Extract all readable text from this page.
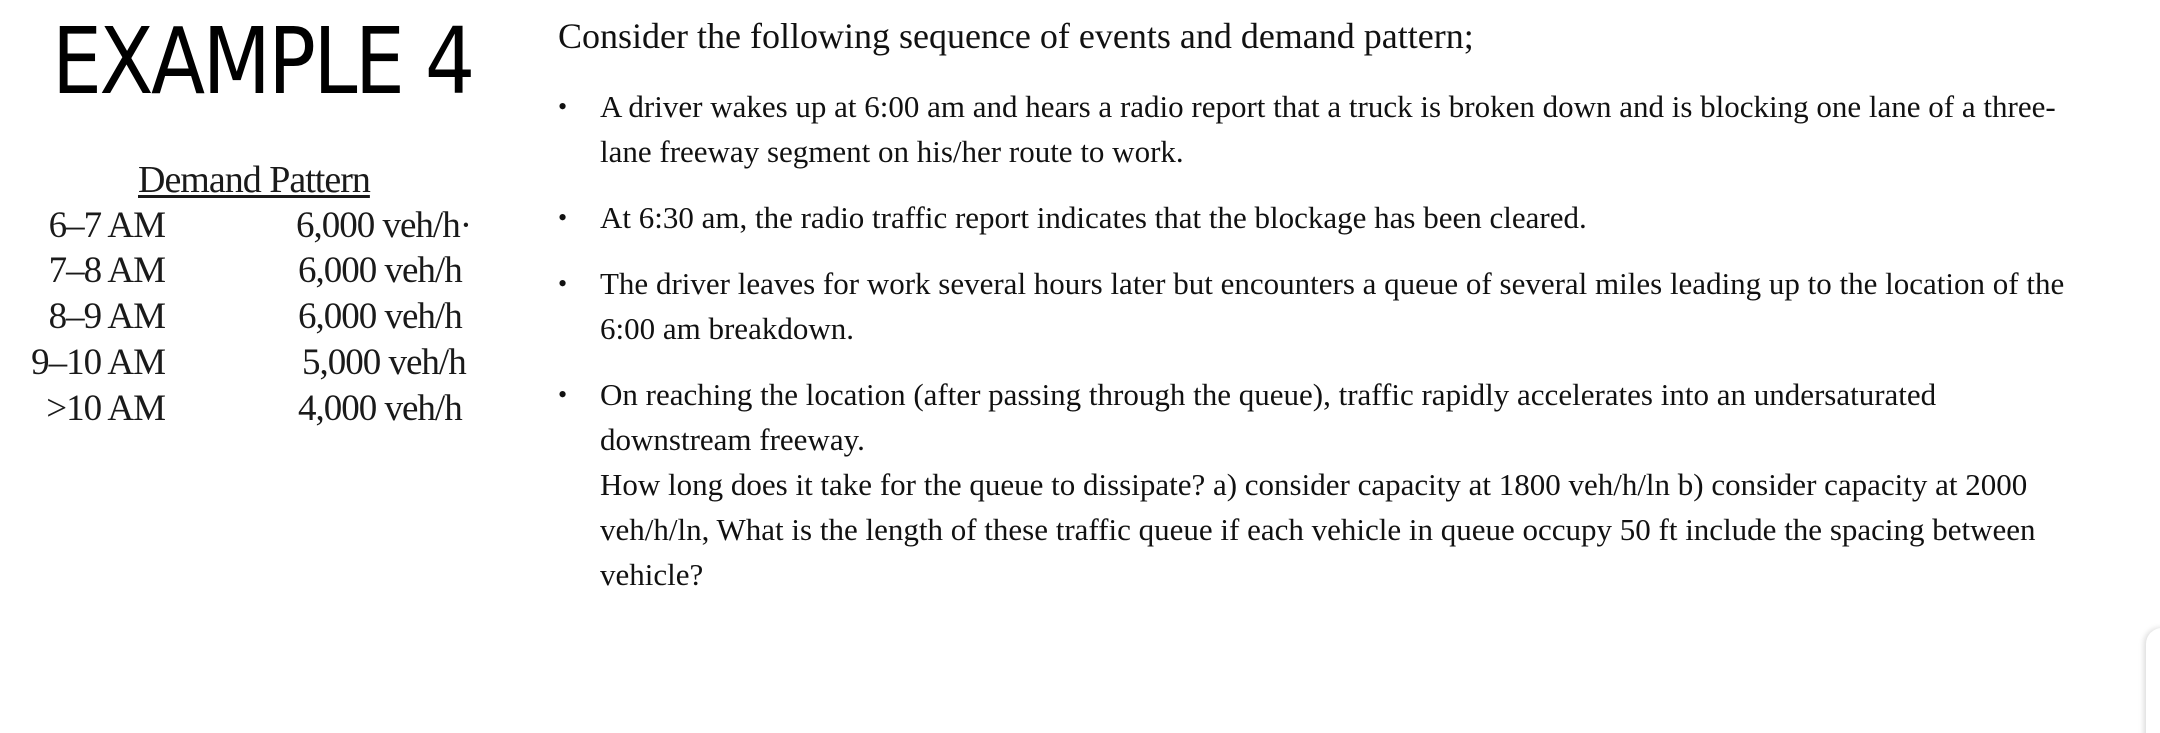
EXAMPLE 4
Demand Pattern
6–7 AM	6,000 veh/h·
7–8 AM	6,000 veh/h
8–9 AM	6,000 veh/h
9–10 AM	5,000 veh/h
>10 AM	4,000 veh/h

Consider the following sequence of events and demand pattern;

• A driver wakes up at 6:00 am and hears a radio report that a truck is broken down and is blocking one lane of a three-lane freeway segment on his/her route to work.
• At 6:30 am, the radio traffic report indicates that the blockage has been cleared.
• The driver leaves for work several hours later but encounters a queue of several miles leading up to the location of the 6:00 am breakdown.
• On reaching the location (after passing through the queue), traffic rapidly accelerates into an undersaturated downstream freeway.
How long does it take for the queue to dissipate? a) consider capacity at 1800 veh/h/ln b) consider capacity at 2000 veh/h/ln, What is the length of these traffic queue if each vehicle in queue occupy 50 ft include the spacing between vehicle?
